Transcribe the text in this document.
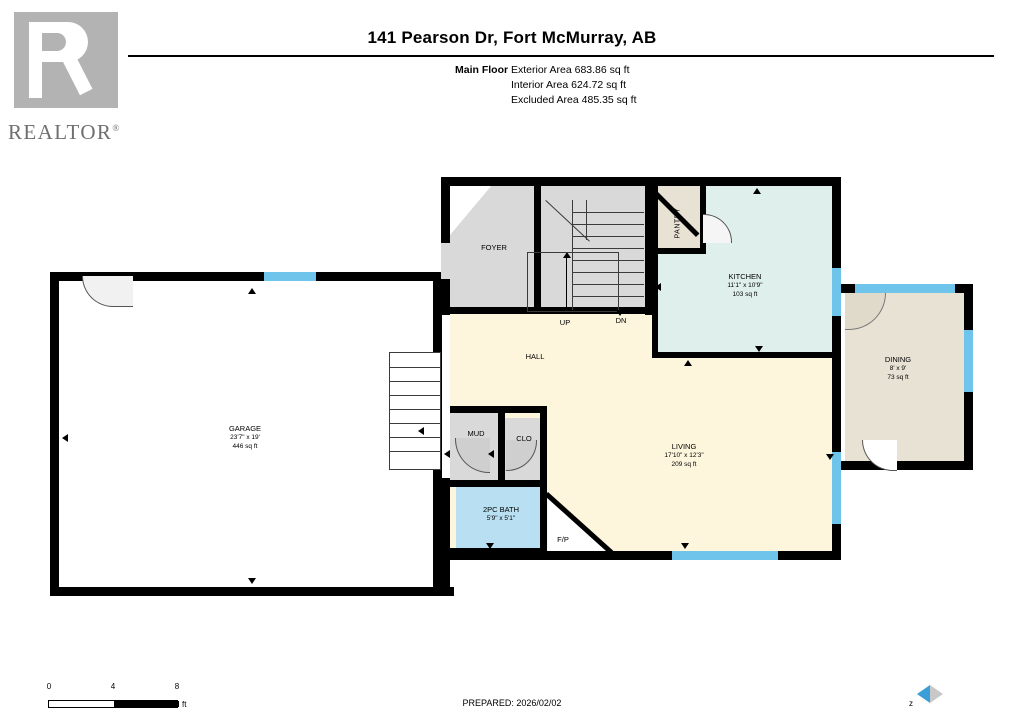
REALTOR®
141 Pearson Dr, Fort McMurray, AB
Main Floor Exterior Area 683.86 sq ft
Interior Area 624.72 sq ft
Excluded Area 485.35 sq ft
FOYER
KITCHEN
11'1" x 10'9"
103 sq ft
DINING
8' x 9'
73 sq ft
LIVING
17'10" x 12'3"
209 sq ft
GARAGE
23'7" x 19'
446 sq ft
2PC BATH
5'9" x 5'1"
HALL
MUD
CLO
PANTRY
F/P
UP	DN
PREPARED: 2026/02/02
0	4	8
ft	z
